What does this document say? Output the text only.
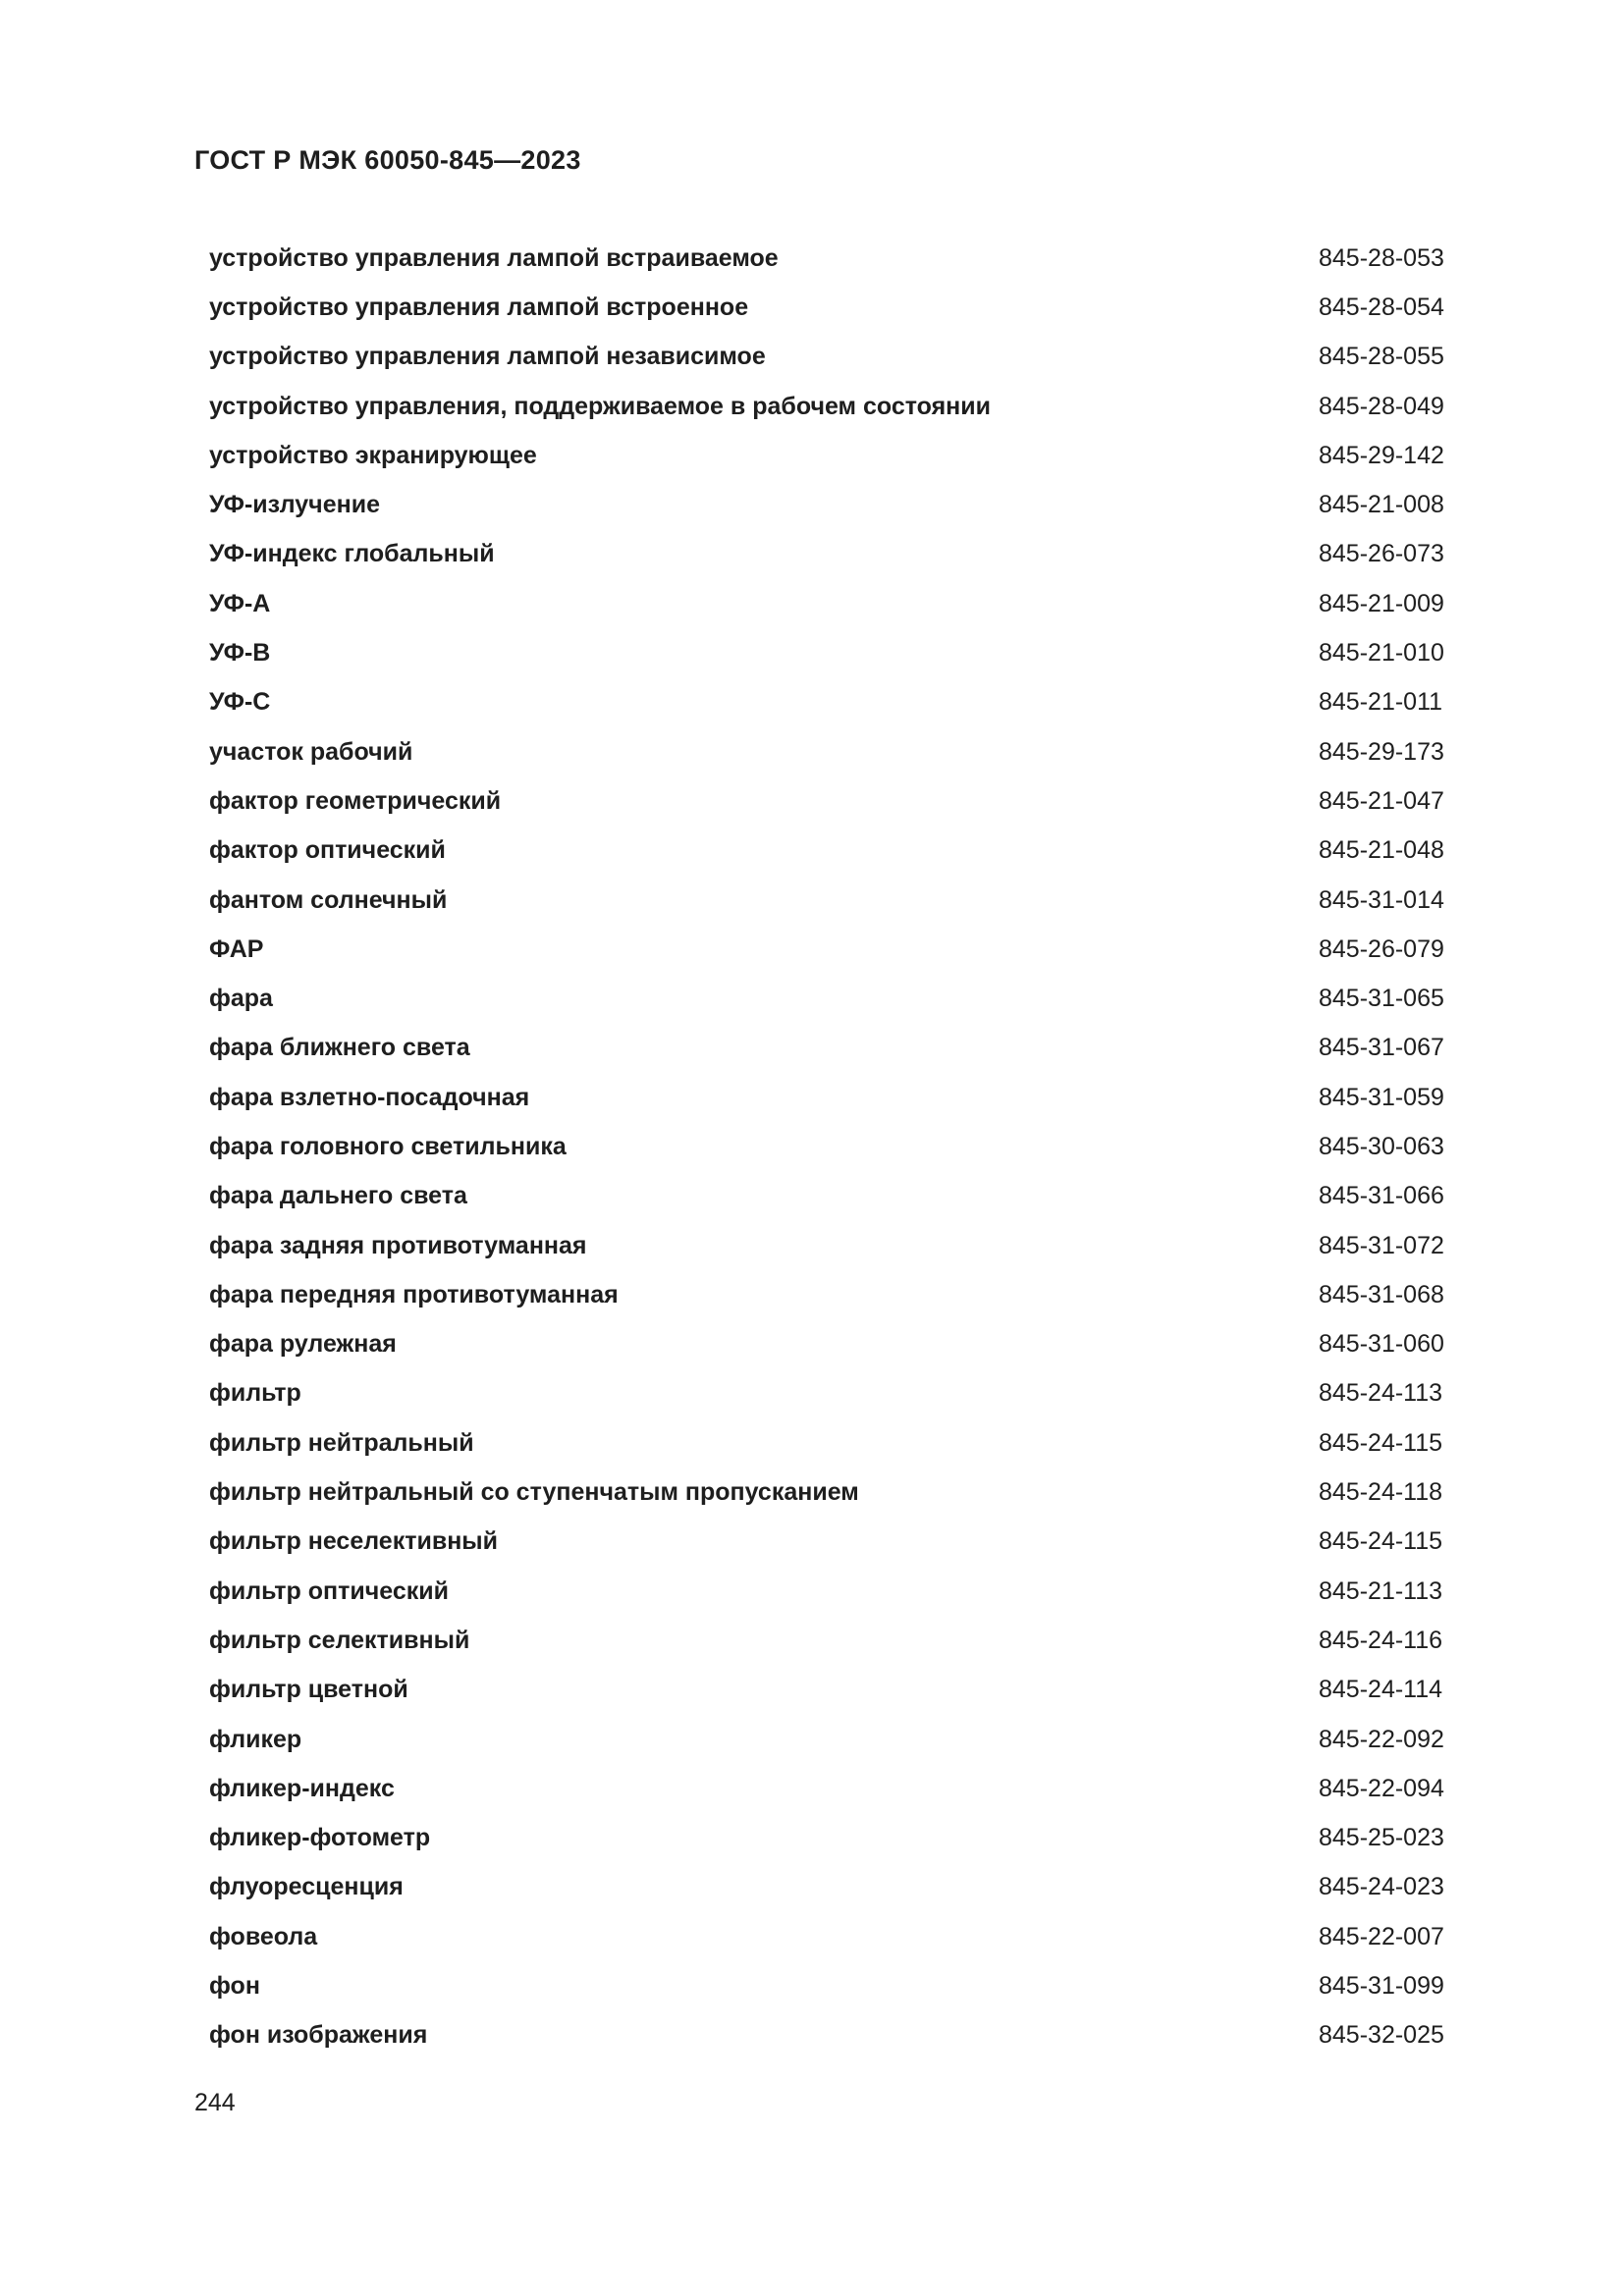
ГОСТ Р МЭК 60050-845—2023
устройство управления лампой встраиваемое	845-28-053
устройство управления лампой встроенное	845-28-054
устройство управления лампой независимое	845-28-055
устройство управления, поддерживаемое в рабочем состоянии	845-28-049
устройство экранирующее	845-29-142
УФ-излучение	845-21-008
УФ-индекс глобальный	845-26-073
УФ-А	845-21-009
УФ-В	845-21-010
УФ-С	845-21-011
участок рабочий	845-29-173
фактор геометрический	845-21-047
фактор оптический	845-21-048
фантом солнечный	845-31-014
ФАР	845-26-079
фара	845-31-065
фара ближнего света	845-31-067
фара взлетно-посадочная	845-31-059
фара головного светильника	845-30-063
фара дальнего света	845-31-066
фара задняя противотуманная	845-31-072
фара передняя противотуманная	845-31-068
фара рулежная	845-31-060
фильтр	845-24-113
фильтр нейтральный	845-24-115
фильтр нейтральный со ступенчатым пропусканием	845-24-118
фильтр неселективный	845-24-115
фильтр оптический	845-21-113
фильтр селективный	845-24-116
фильтр цветной	845-24-114
фликер	845-22-092
фликер-индекс	845-22-094
фликер-фотометр	845-25-023
флуоресценция	845-24-023
фовеола	845-22-007
фон	845-31-099
фон изображения	845-32-025
244
